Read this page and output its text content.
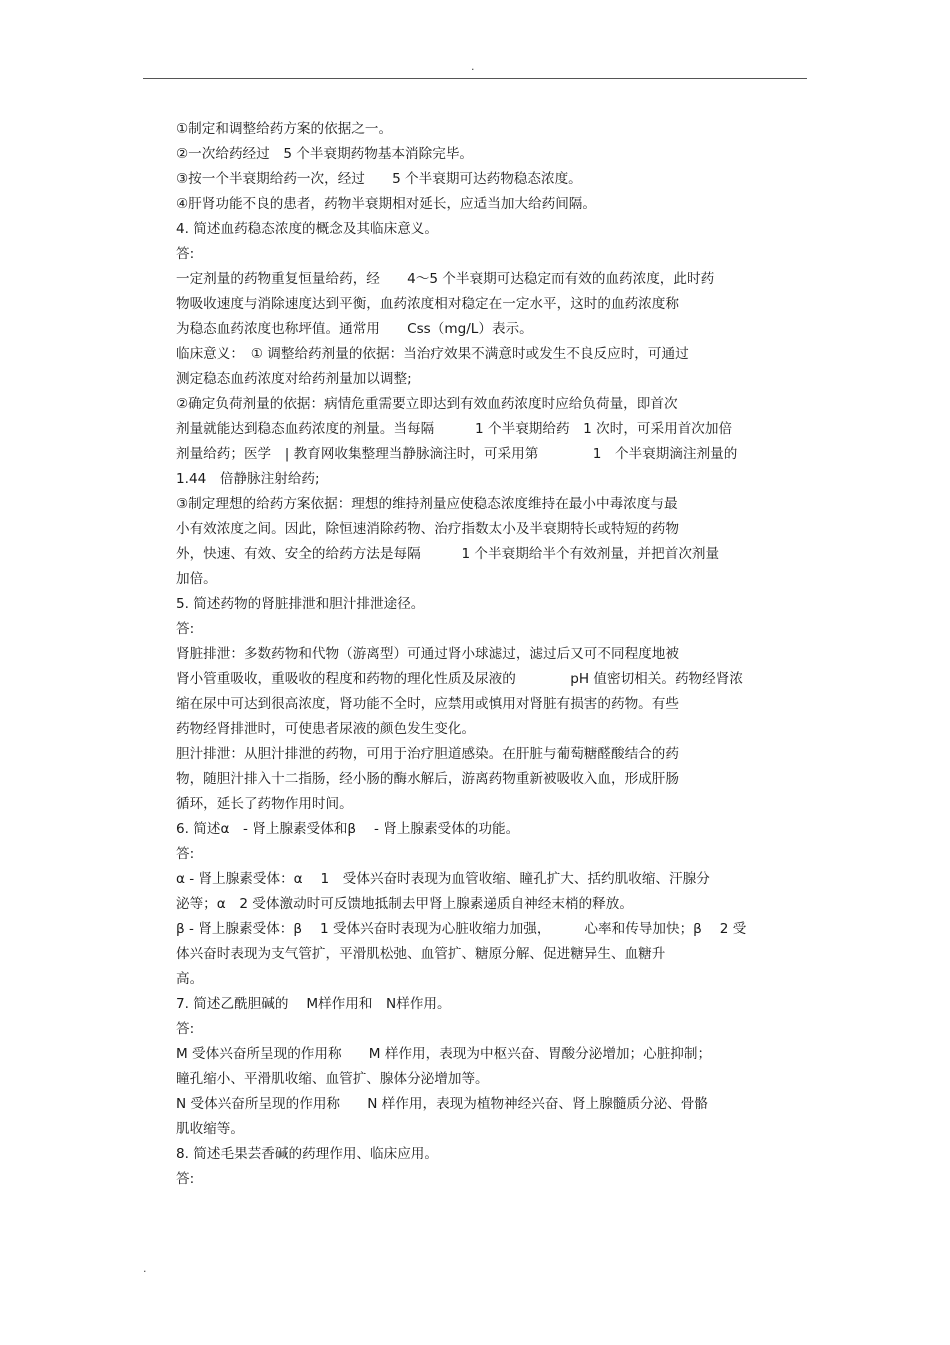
.
①制定和调整给药方案的依据之一。
②一次给药经过　5 个半衰期药物基本消除完毕。
③按一个半衰期给药一次，经过　　5 个半衰期可达药物稳态浓度。
④肝肾功能不良的患者，药物半衰期相对延长，应适当加大给药间隔。
4. 简述血药稳态浓度的概念及其临床意义。
答:
一定剂量的药物重复恒量给药，经　　4～5 个半衰期可达稳定而有效的血药浓度，此时药
物吸收速度与消除速度达到平衡，血药浓度相对稳定在一定水平，这时的血药浓度称
为稳态血药浓度也称坪值。通常用　　Css（mg/L）表示。
临床意义：　① 调整给药剂量的依据：当治疗效果不满意时或发生不良反应时，可通过
测定稳态血药浓度对给药剂量加以调整;
②确定负荷剂量的依据：病情危重需要立即达到有效血药浓度时应给负荷量，即首次
剂量就能达到稳态血药浓度的剂量。当每隔　　　1 个半衰期给药　1 次时，可采用首次加倍
剂量给药；医学　| 教育网收集整理当静脉滴注时，可采用第　　　　1　个半衰期滴注剂量的
1.44　倍静脉注射给药;
③制定理想的给药方案依据：理想的维持剂量应使稳态浓度维持在最小中毒浓度与最
小有效浓度之间。因此，除恒速消除药物、治疗指数太小及半衰期特长或特短的药物
外，快速、有效、安全的给药方法是每隔　　　1 个半衰期给半个有效剂量，并把首次剂量
加倍。
5. 简述药物的肾脏排泄和胆汁排泄途径。
答:
肾脏排泄：多数药物和代物（游离型）可通过肾小球滤过，滤过后又可不同程度地被
肾小管重吸收，重吸收的程度和药物的理化性质及尿液的　　　　pH 值密切相关。药物经肾浓
缩在尿中可达到很高浓度，肾功能不全时，应禁用或慎用对肾脏有损害的药物。有些
药物经肾排泄时，可使患者尿液的颜色发生变化。
胆汁排泄：从胆汁排泄的药物，可用于治疗胆道感染。在肝脏与葡萄糖醛酸结合的药
物，随胆汁排入十二指肠，经小肠的酶水解后，游离药物重新被吸收入血，形成肝肠
循环，延长了药物作用时间。
6. 简述α　- 肾上腺素受体和β　 - 肾上腺素受体的功能。
答:
α - 肾上腺素受体：α　 1　受体兴奋时表现为血管收缩、瞳孔扩大、括约肌收缩、汗腺分
泌等；α　2 受体激动时可反馈地抵制去甲肾上腺素递质自神经末梢的释放。
β - 肾上腺素受体：β　 1 受体兴奋时表现为心脏收缩力加强，　　　心率和传导加快；β　 2 受
体兴奋时表现为支气管扩，平滑肌松弛、血管扩、糖原分解、促进糖异生、血糖升
高。
7. 简述乙酰胆碱的　 M样作用和　N样作用。
答:
M 受体兴奋所呈现的作用称　　M 样作用，表现为中枢兴奋、胃酸分泌增加；心脏抑制；
瞳孔缩小、平滑肌收缩、血管扩、腺体分泌增加等。
N 受体兴奋所呈现的作用称　　N 样作用，表现为植物神经兴奋、肾上腺髓质分泌、骨骼
肌收缩等。
8. 简述毛果芸香碱的药理作用、临床应用。
答:
.
